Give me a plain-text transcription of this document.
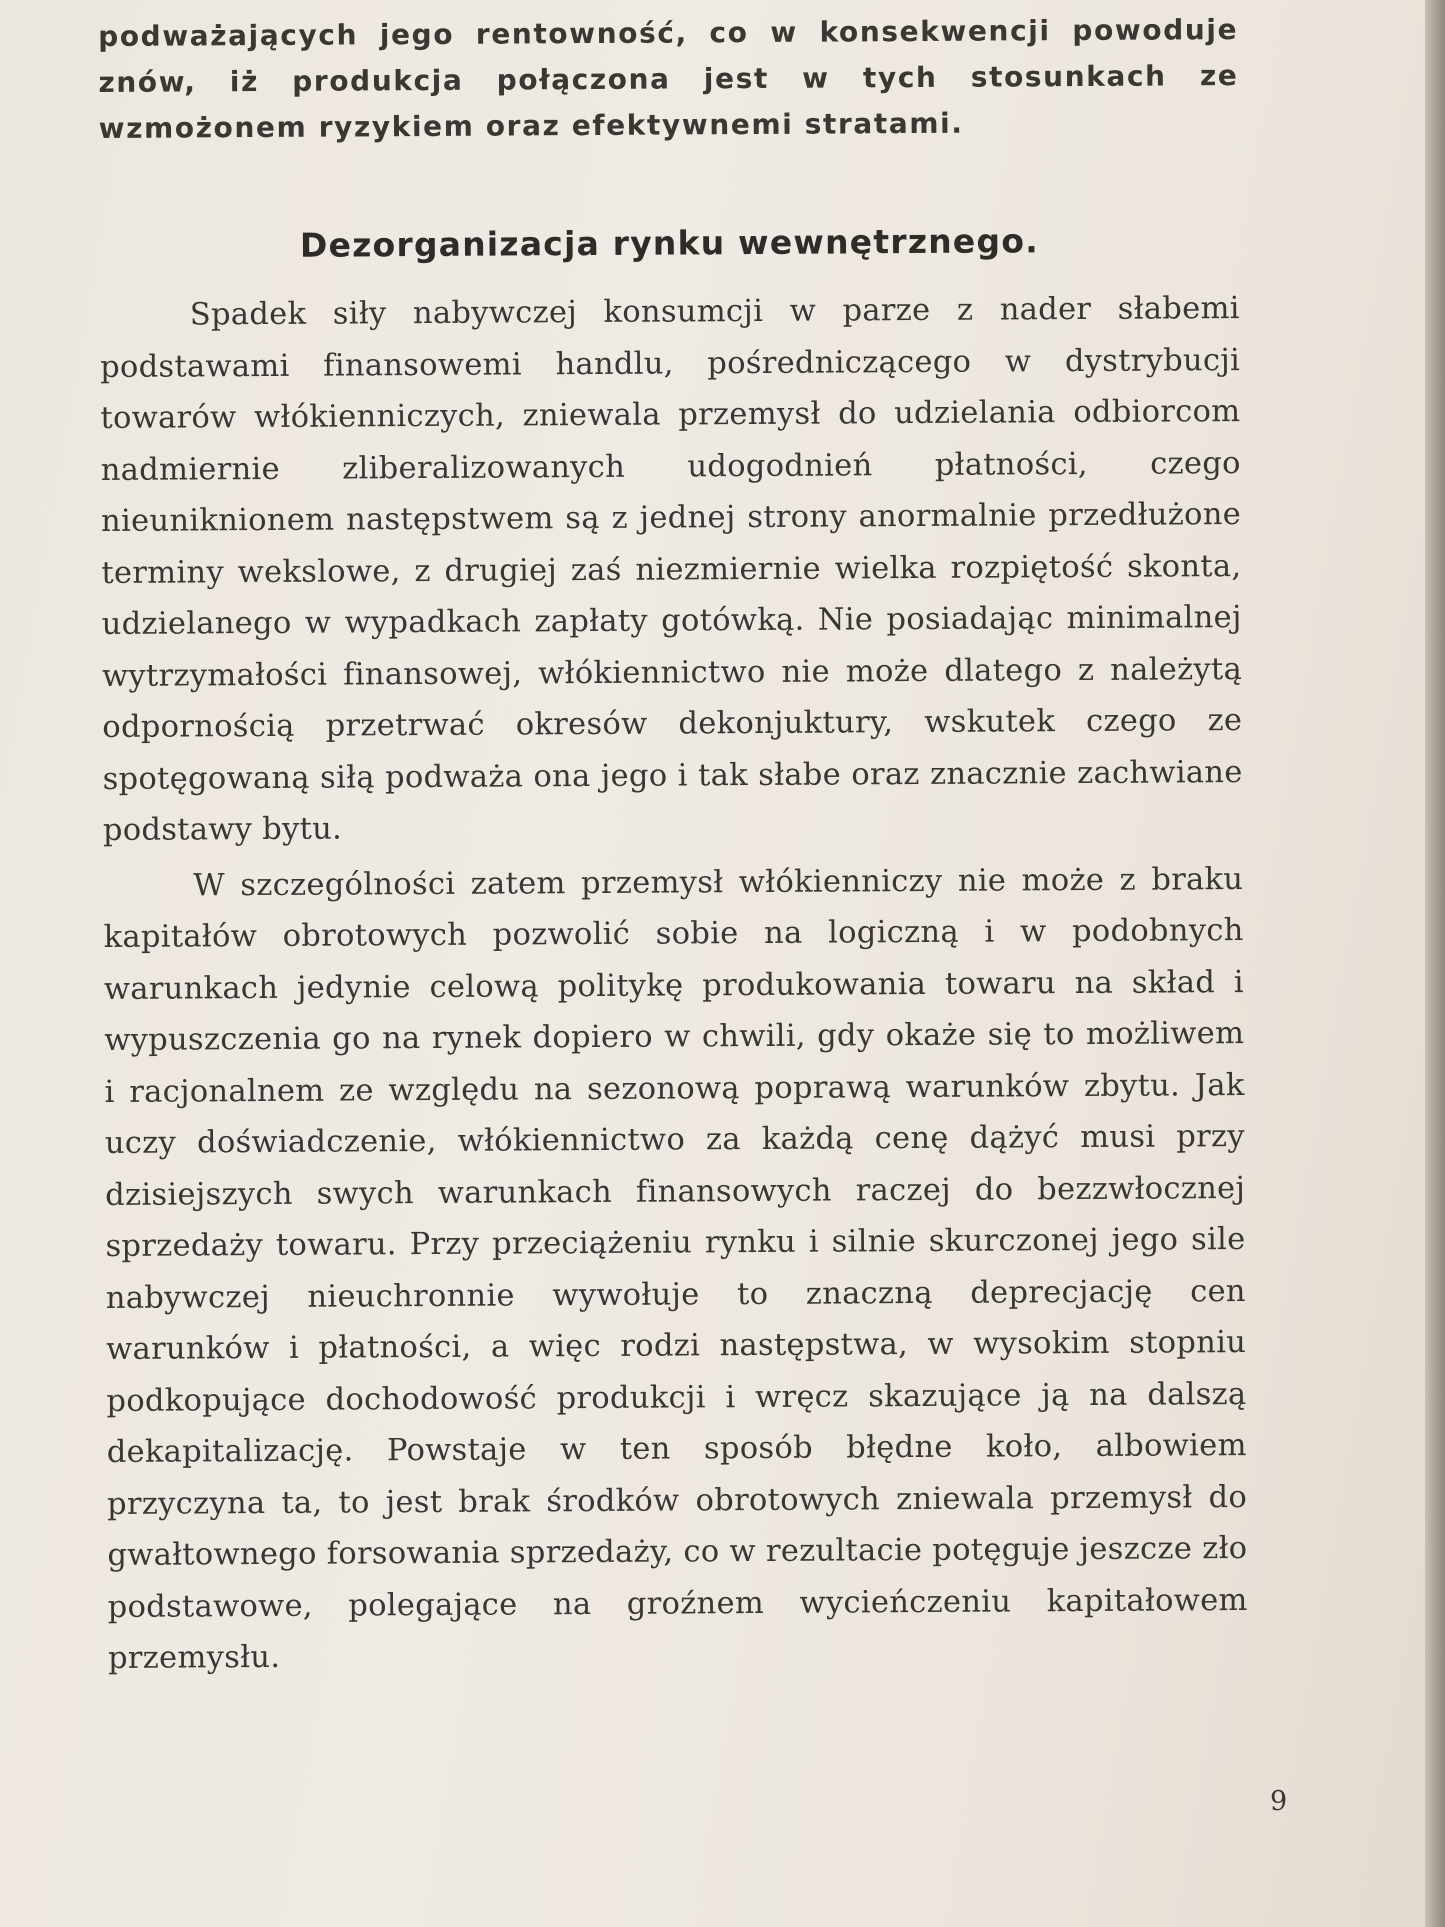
podważających jego rentowność, co w konsekwencji powoduje znów, iż produkcja połączona jest w tych stosunkach ze wzmożonem ryzykiem oraz efektywnemi stratami.

Dezorganizacja rynku wewnętrznego.

Spadek siły nabywczej konsumcji w parze z nader słabemi podstawami finansowemi handlu, pośredniczącego w dystrybucji towarów włókienniczych, zniewala przemysł do udzielania odbiorcom nadmiernie zliberalizowanych udogodnień płatności, czego nieuniknionem następstwem są z jednej strony anormalnie przedłużone terminy wekslowe, z drugiej zaś niezmiernie wielka rozpiętość skonta, udzielanego w wypadkach zapłaty gotówką. Nie posiadając minimalnej wytrzymałości finansowej, włókiennictwo nie może dlatego z należytą odpornością przetrwać okresów dekonjuktury, wskutek czego ze spotęgowaną siłą podważa ona jego i tak słabe oraz znacznie zachwiane podstawy bytu.

W szczególności zatem przemysł włókienniczy nie może z braku kapitałów obrotowych pozwolić sobie na logiczną i w podobnych warunkach jedynie celową politykę produkowania towaru na skład i wypuszczenia go na rynek dopiero w chwili, gdy okaże się to możliwem i racjonalnem ze względu na sezonową poprawą warunków zbytu. Jak uczy doświadczenie, włókiennictwo za każdą cenę dążyć musi przy dzisiejszych swych warunkach finansowych raczej do bezzwłocznej sprzedaży towaru. Przy przeciążeniu rynku i silnie skurczonej jego sile nabywczej nieuchronnie wywołuje to znaczną deprecjację cen warunków i płatności, a więc rodzi następstwa, w wysokim stopniu podkopujące dochodowość produkcji i wręcz skazujące ją na dalszą dekapitalizację. Powstaje w ten sposób błędne koło, albowiem przyczyna ta, to jest brak środków obrotowych zniewala przemysł do gwałtownego forsowania sprzedaży, co w rezultacie potęguje jeszcze zło podstawowe, polegające na groźnem wycieńczeniu kapitałowem przemysłu.

9
